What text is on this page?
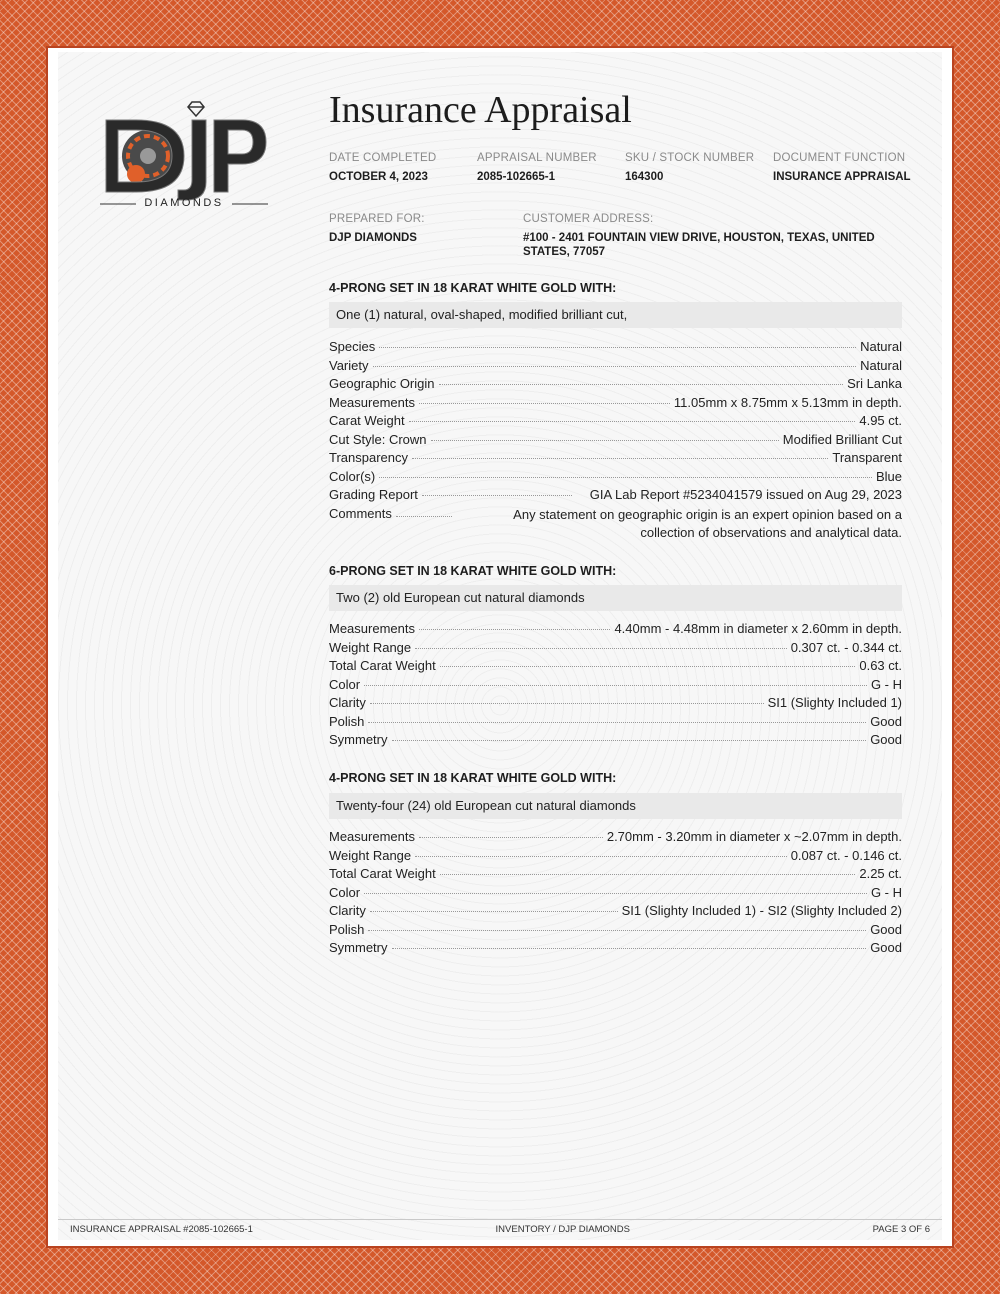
DIAMONDS
Insurance Appraisal
DATE COMPLETED
OCTOBER 4, 2023
APPRAISAL NUMBER
2085-102665-1
SKU / STOCK NUMBER
164300
DOCUMENT FUNCTION
INSURANCE APPRAISAL
PREPARED FOR:
DJP DIAMONDS
CUSTOMER ADDRESS:
#100 - 2401 FOUNTAIN VIEW DRIVE, HOUSTON, TEXAS, UNITED STATES, 77057
4-PRONG SET IN 18 KARAT WHITE GOLD WITH:
One (1) natural, oval-shaped, modified brilliant cut,
Species	Natural
Variety	Natural
Geographic Origin	Sri Lanka
Measurements	11.05mm x 8.75mm x 5.13mm in depth.
Carat Weight	4.95 ct.
Cut Style: Crown	Modified Brilliant Cut
Transparency	Transparent
Color(s)	Blue
Grading Report	GIA Lab Report #5234041579 issued on Aug 29, 2023
Comments	Any statement on geographic origin is an expert opinion based on a collection of observations and analytical data.
6-PRONG SET IN 18 KARAT WHITE GOLD WITH:
Two (2) old European cut natural diamonds
Measurements	4.40mm - 4.48mm in diameter x 2.60mm in depth.
Weight Range	0.307 ct. - 0.344 ct.
Total Carat Weight	0.63 ct.
Color	G - H
Clarity	SI1 (Slighty Included 1)
Polish	Good
Symmetry	Good
4-PRONG SET IN 18 KARAT WHITE GOLD WITH:
Twenty-four (24) old European cut natural diamonds
Measurements	2.70mm - 3.20mm in diameter x ~2.07mm in depth.
Weight Range	0.087 ct. - 0.146 ct.
Total Carat Weight	2.25 ct.
Color	G - H
Clarity	SI1 (Slighty Included 1) - SI2 (Slighty Included 2)
Polish	Good
Symmetry	Good
INSURANCE APPRAISAL #2085-102665-1	INVENTORY / DJP DIAMONDS	PAGE 3 OF 6
